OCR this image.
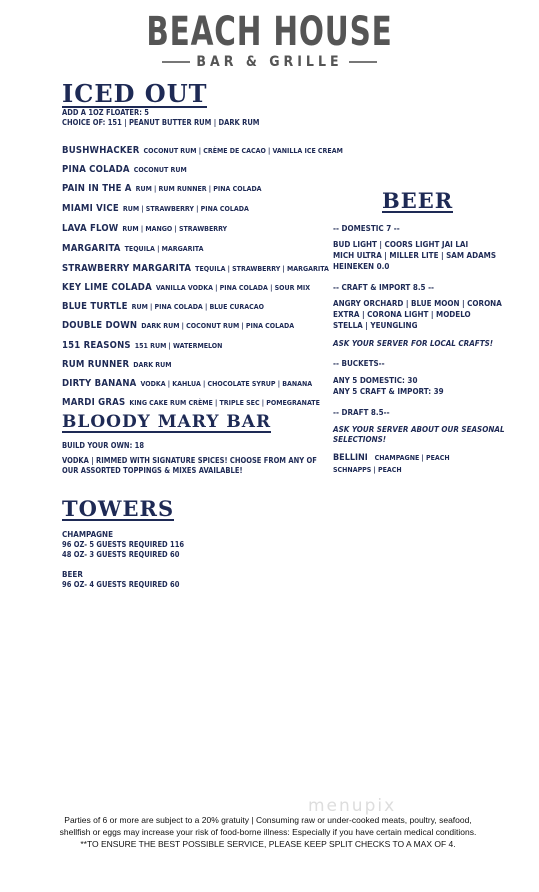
BEACH HOUSE
BAR & GRILLE
ICED OUT
ADD A 1OZ FLOATER: 5
CHOICE OF: 151 | PEANUT BUTTER RUM | DARK RUM
BUSHWHACKER COCONUT RUM | CRÈME DE CACAO | VANILLA ICE CREAM
PINA COLADA COCONUT RUM
PAIN IN THE A RUM | RUM RUNNER | PINA COLADA
MIAMI VICE RUM | STRAWBERRY | PINA COLADA
LAVA FLOW RUM | MANGO | STRAWBERRY
MARGARITA TEQUILA | MARGARITA
STRAWBERRY MARGARITA TEQUILA | STRAWBERRY | MARGARITA
KEY LIME COLADA VANILLA VODKA | PINA COLADA | SOUR MIX
BLUE TURTLE RUM | PINA COLADA | BLUE CURACAO
DOUBLE DOWN DARK RUM | COCONUT RUM | PINA COLADA
151 REASONS 151 RUM | WATERMELON
RUM RUNNER DARK RUM
DIRTY BANANA VODKA | KAHLUA | CHOCOLATE SYRUP | BANANA
MARDI GRAS KING CAKE RUM CRÈME | TRIPLE SEC | POMEGRANATE
BLOODY MARY BAR
BUILD YOUR OWN: 18
VODKA | RIMMED WITH SIGNATURE SPICES! CHOOSE FROM ANY OF
OUR ASSORTED TOPPINGS & MIXES AVAILABLE!
TOWERS
CHAMPAGNE
96 OZ- 5 GUESTS REQUIRED 116
48 OZ- 3 GUESTS REQUIRED 60
BEER
96 OZ- 4 GUESTS REQUIRED 60
BEER
-- DOMESTIC 7 --
BUD LIGHT | COORS LIGHT JAI LAI
MICH ULTRA | MILLER LITE | SAM ADAMS
HEINEKEN 0.0
-- CRAFT & IMPORT 8.5 --
ANGRY ORCHARD | BLUE MOON | CORONA
EXTRA | CORONA LIGHT | MODELO
STELLA | YEUNGLING
ASK YOUR SERVER FOR LOCAL CRAFTS!
-- BUCKETS--
ANY 5 DOMESTIC: 30
ANY 5 CRAFT & IMPORT: 39
-- DRAFT 8.5--
ASK YOUR SERVER ABOUT OUR SEASONAL
SELECTIONS!
BELLINI CHAMPAGNE | PEACH
SCHNAPPS | PEACH
menupix
Parties of 6 or more are subject to a 20% gratuity | Consuming raw or under-cooked meats, poultry, seafood, shellfish or eggs may increase your risk of food-borne illness: Especially if you have certain medical conditions. **TO ENSURE THE BEST POSSIBLE SERVICE, PLEASE KEEP SPLIT CHECKS TO A MAX OF 4.
